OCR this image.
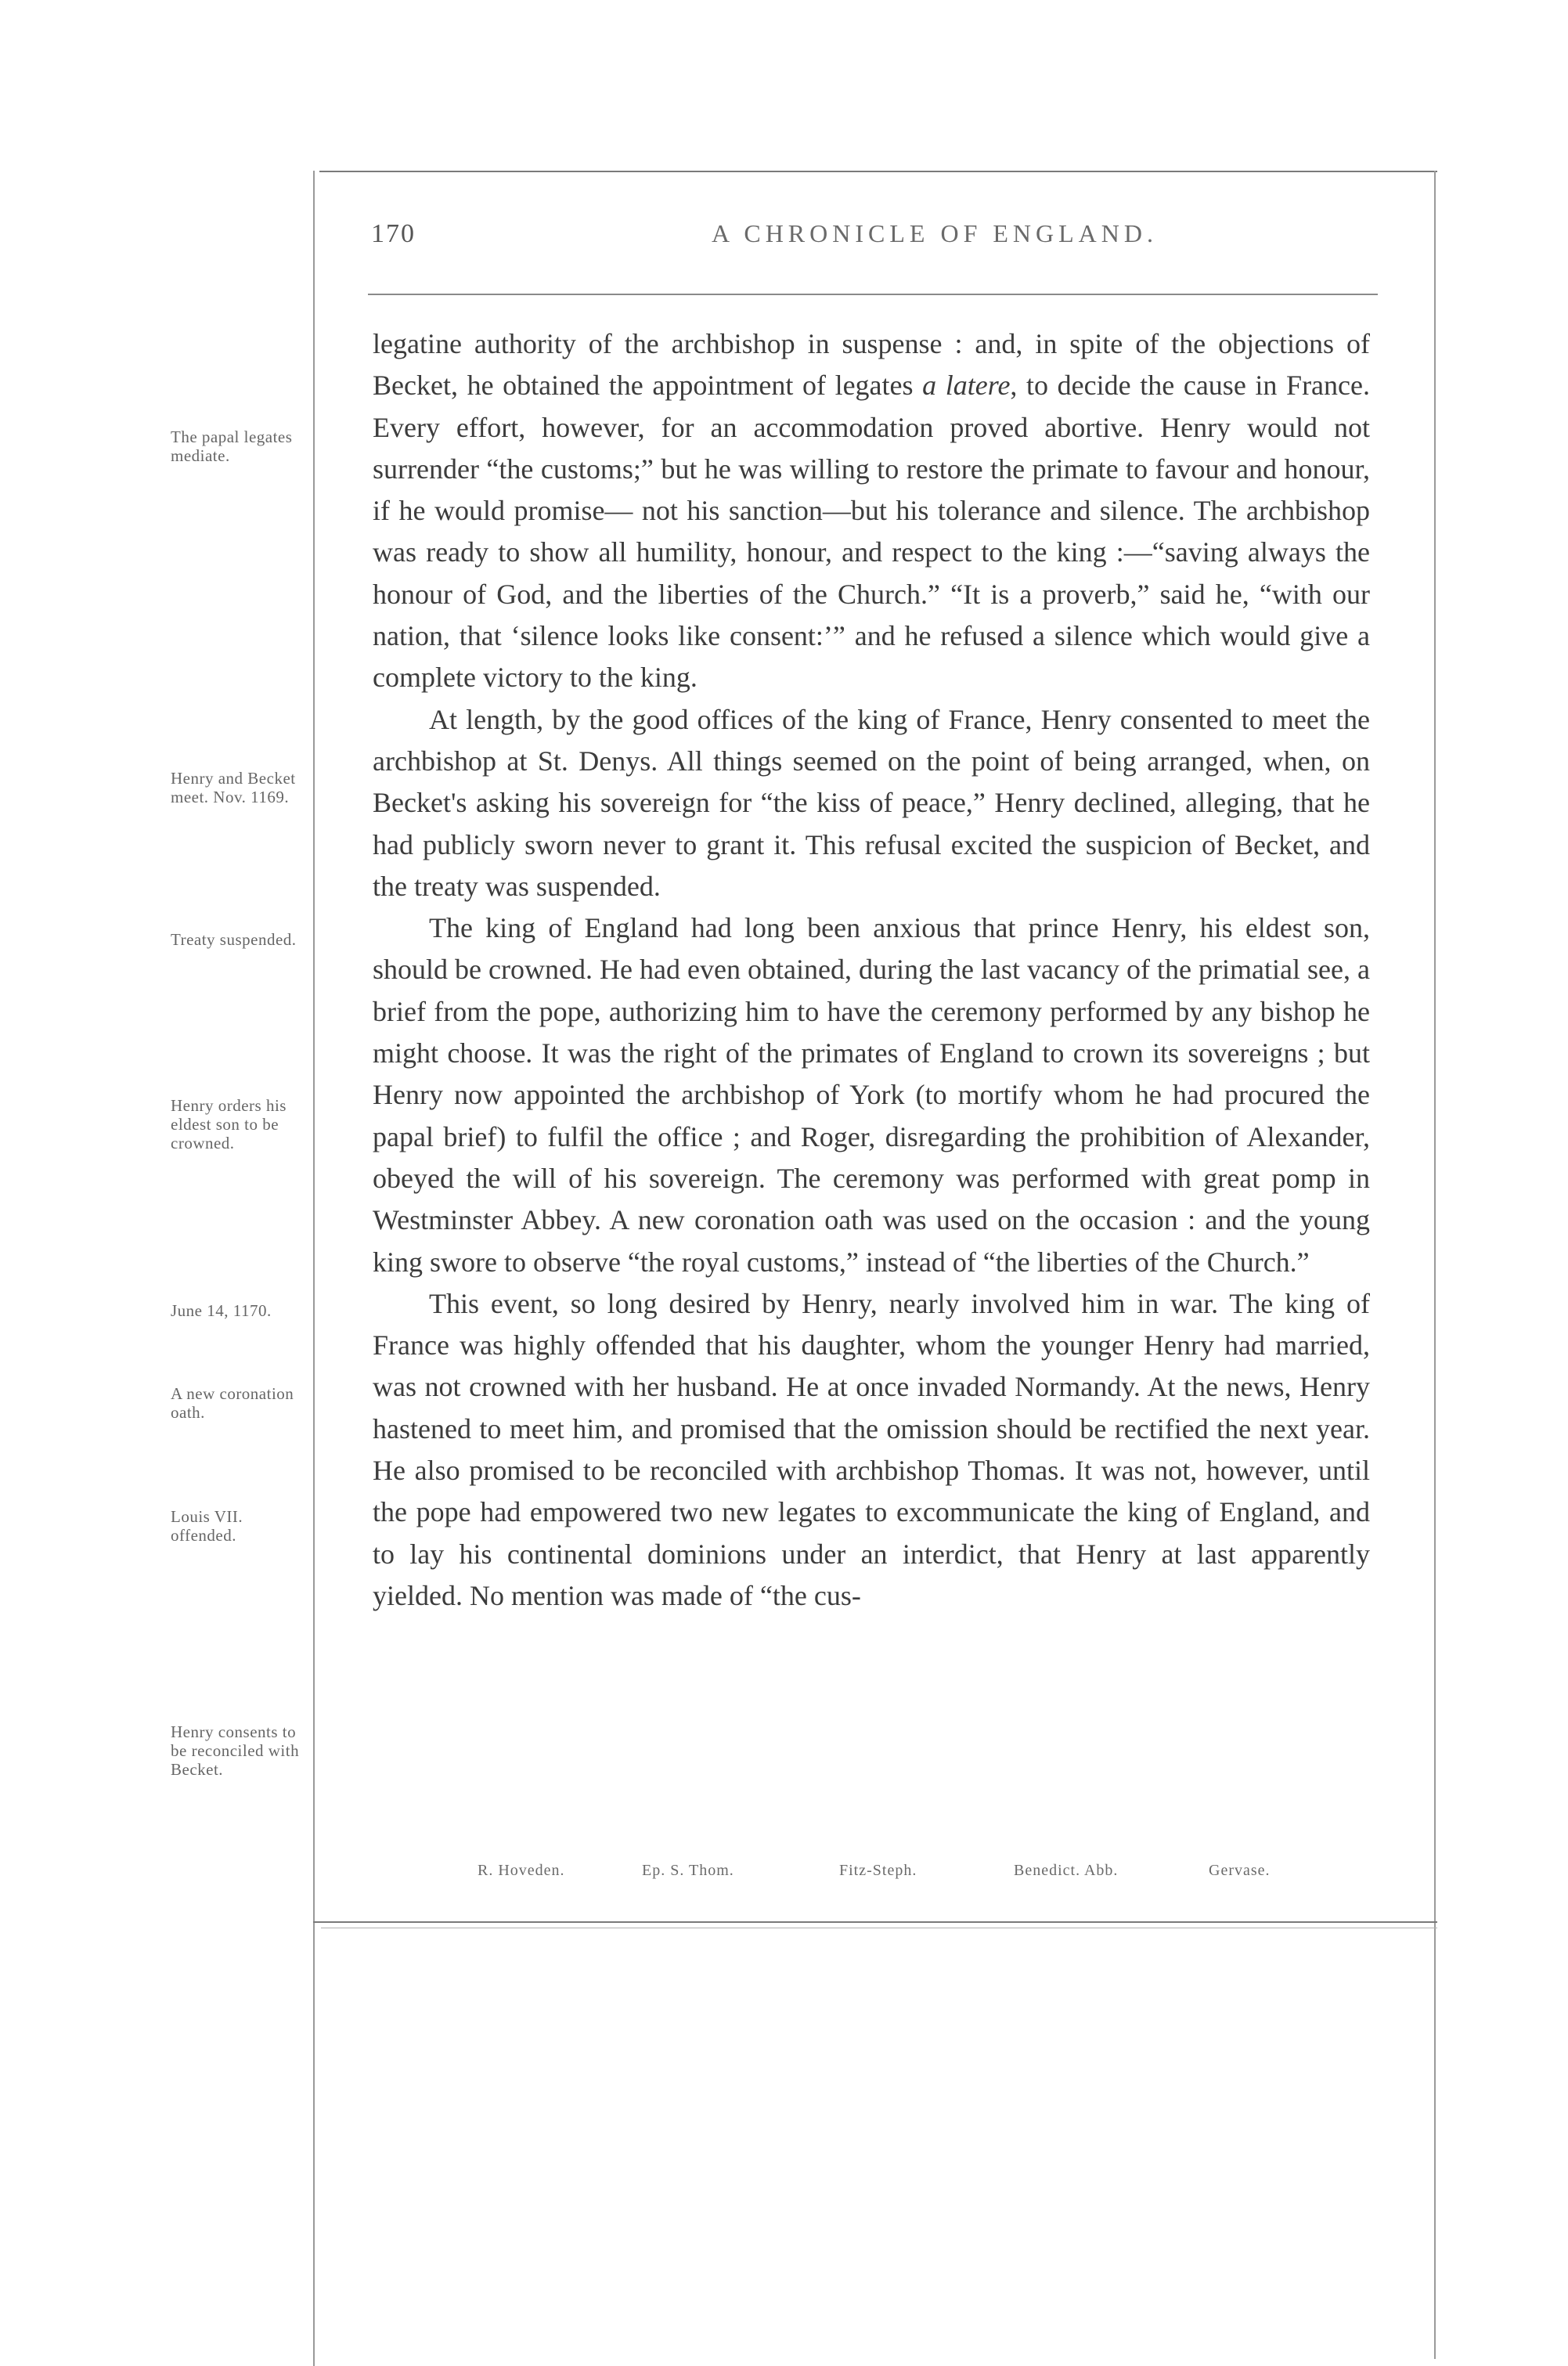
170	A CHRONICLE OF ENGLAND.
The papal legates mediate.
Henry and Becket meet. Nov. 1169.
Treaty suspended.
Henry orders his eldest son to be crowned.
June 14, 1170.
A new coronation oath.
Louis VII. offended.
Henry consents to be reconciled with Becket.

legatine authority of the archbishop in suspense : and, in spite of the objections of Becket, he obtained the appointment of legates a latere, to decide the cause in France. Every effort, however, for an accommodation proved abortive. Henry would not surrender “the customs;” but he was willing to restore the primate to favour and honour, if he would promise— not his sanction—but his tolerance and silence. The archbishop was ready to show all humility, honour, and respect to the king :—“saving always the honour of God, and the liberties of the Church.” “It is a proverb,” said he, “with our nation, that ‘silence looks like consent:’” and he refused a silence which would give a complete victory to the king.

At length, by the good offices of the king of France, Henry consented to meet the archbishop at St. Denys. All things seemed on the point of being arranged, when, on Becket's asking his sovereign for “the kiss of peace,” Henry declined, alleging, that he had publicly sworn never to grant it. This refusal excited the suspicion of Becket, and the treaty was suspended.

The king of England had long been anxious that prince Henry, his eldest son, should be crowned. He had even obtained, during the last vacancy of the primatial see, a brief from the pope, authorizing him to have the ceremony performed by any bishop he might choose. It was the right of the primates of England to crown its sovereigns ; but Henry now appointed the archbishop of York (to mortify whom he had procured the papal brief) to fulfil the office ; and Roger, disregarding the prohibition of Alexander, obeyed the will of his sovereign. The ceremony was performed with great pomp in Westminster Abbey. A new coronation oath was used on the occasion : and the young king swore to observe “the royal customs,” instead of “the liberties of the Church.”

This event, so long desired by Henry, nearly involved him in war. The king of France was highly offended that his daughter, whom the younger Henry had married, was not crowned with her husband. He at once invaded Normandy. At the news, Henry hastened to meet him, and promised that the omission should be rectified the next year. He also promised to be reconciled with archbishop Thomas. It was not, however, until the pope had empowered two new legates to excommunicate the king of England, and to lay his continental dominions under an interdict, that Henry at last apparently yielded. No mention was made of “the cus-

R. Hoveden.	Ep. S. Thom.	Fitz-Steph.	Benedict. Abb.	Gervase.
